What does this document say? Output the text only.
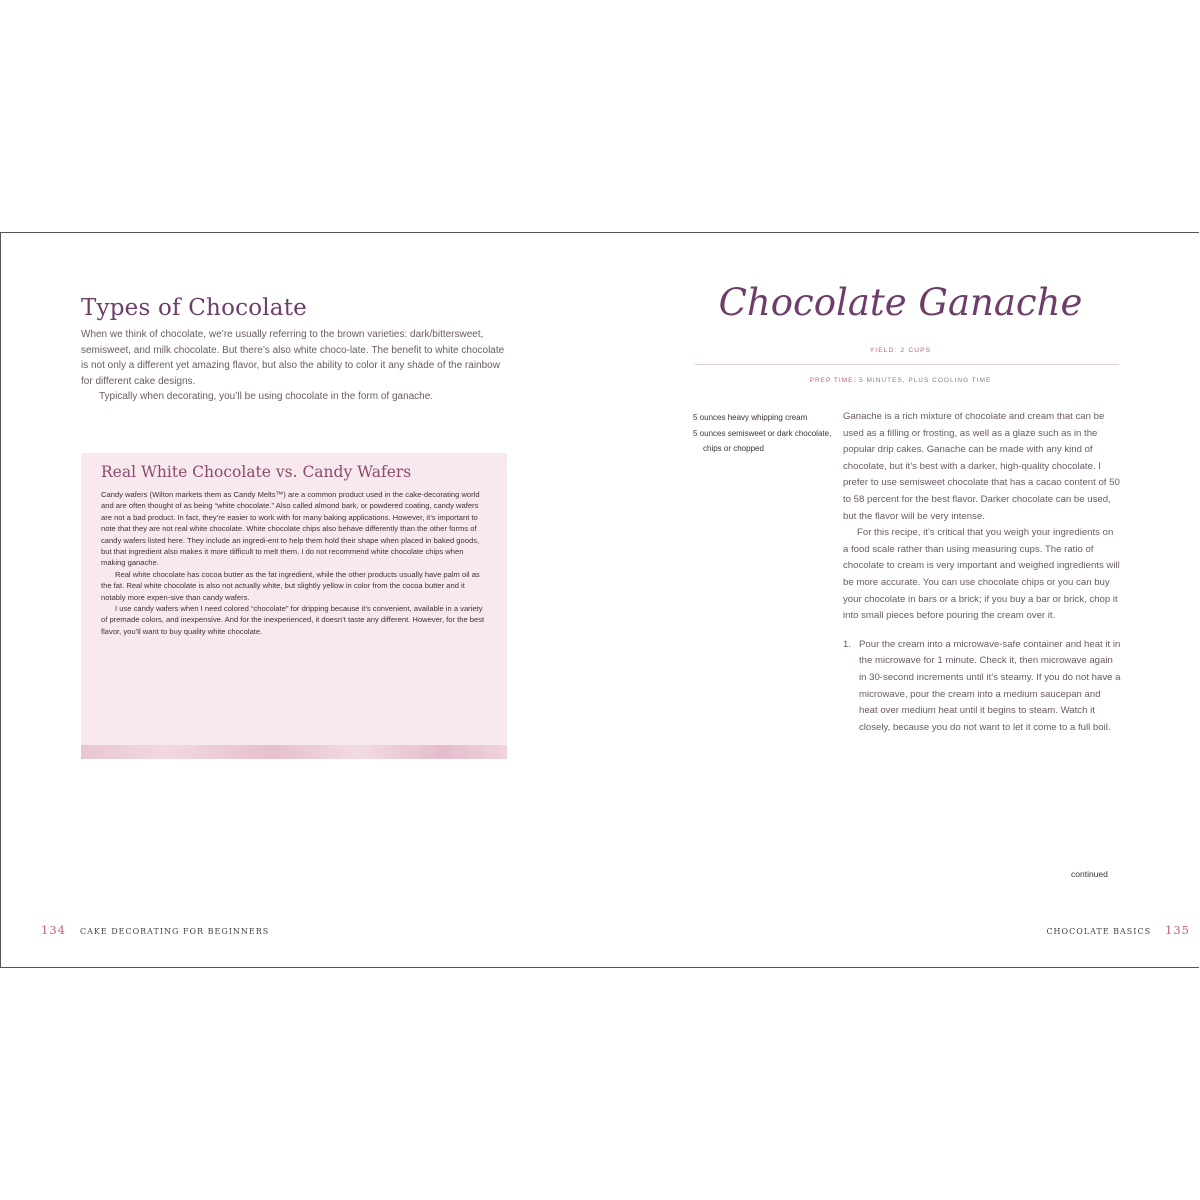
Types of Chocolate

When we think of chocolate, we’re usually referring to the brown varieties: dark/bittersweet, semisweet, and milk chocolate. But there’s also white choco-late. The benefit to white chocolate is not only a different yet amazing flavor, but also the ability to color it any shade of the rainbow for different cake designs.

Typically when decorating, you’ll be using chocolate in the form of ganache.

Real White Chocolate vs. Candy Wafers

Candy wafers (Wilton markets them as Candy Melts™) are a common product used in the cake-decorating world and are often thought of as being “white chocolate.” Also called almond bark, or powdered coating, candy wafers are not a bad product. In fact, they’re easier to work with for many baking applications. However, it’s important to note that they are not real white chocolate. White chocolate chips also behave differently than the other forms of candy wafers listed here. They include an ingredi-ent to help them hold their shape when placed in baked goods, but that ingredient also makes it more difficult to melt them. I do not recommend white chocolate chips when making ganache.

Real white chocolate has cocoa butter as the fat ingredient, while the other products usually have palm oil as the fat. Real white chocolate is also not actually white, but slightly yellow in color from the cocoa butter and it notably more expen-sive than candy wafers.

I use candy wafers when I need colored “chocolate” for dripping because it’s convenient, available in a variety of premade colors, and inexpensive. And for the inexperienced, it doesn’t taste any different. However, for the best flavor, you’ll want to buy quality white chocolate.

134 CAKE DECORATING FOR BEGINNERS
Chocolate Ganache
YIELD: 2 CUPS
PREP TIME: 5 MINUTES, PLUS COOLING TIME
5 ounces heavy whipping cream
5 ounces semisweet or dark chocolate, chips or chopped

Ganache is a rich mixture of chocolate and cream that can be used as a filling or frosting, as well as a glaze such as in the popular drip cakes. Ganache can be made with any kind of chocolate, but it’s best with a darker, high-quality chocolate. I prefer to use semisweet chocolate that has a cacao content of 50 to 58 percent for the best flavor. Darker chocolate can be used, but the flavor will be very intense.

For this recipe, it’s critical that you weigh your ingredients on a food scale rather than using measuring cups. The ratio of chocolate to cream is very important and weighed ingredients will be more accurate. You can use chocolate chips or you can buy your chocolate in bars or a brick; if you buy a bar or brick, chop it into small pieces before pouring the cream over it.

1. Pour the cream into a microwave-safe container and heat it in the microwave for 1 minute. Check it, then microwave again in 30-second increments until it’s steamy. If you do not have a microwave, pour the cream into a medium saucepan and heat over medium heat until it begins to steam. Watch it closely, because you do not want to let it come to a full boil.
continued
CHOCOLATE BASICS 135
